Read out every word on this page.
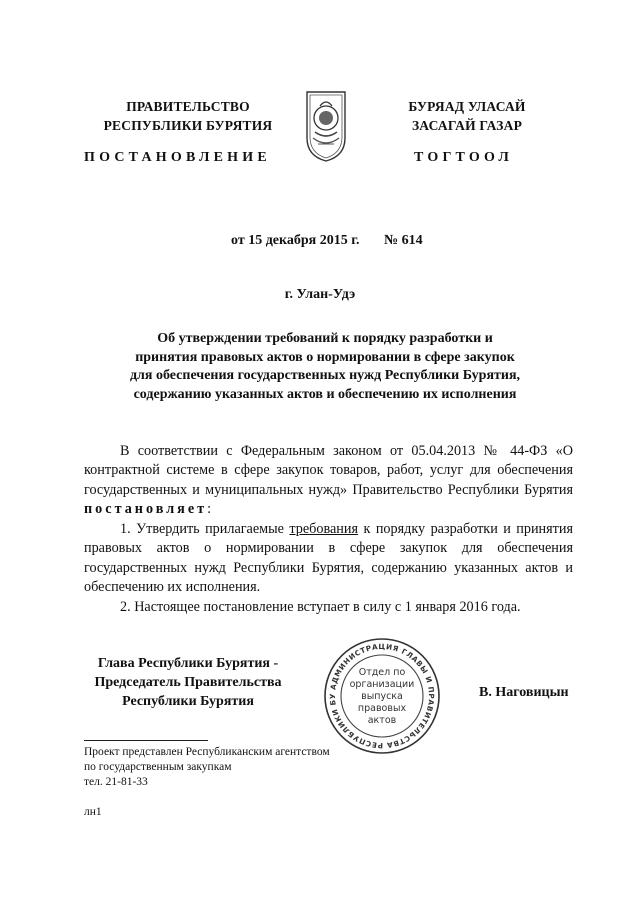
ПРАВИТЕЛЬСТВО
РЕСПУБЛИКИ БУРЯТИЯ
ПОСТАНОВЛЕНИЕ
БУРЯАД УЛАСАЙ
ЗАСАГАЙ ГАЗАР
ТОГТООЛ
от 15 декабря 2015 г. № 614
г. Улан-Удэ
Об утверждении требований к порядку разработки и
принятия правовых актов о нормировании в сфере закупок
для обеспечения государственных нужд Республики Бурятия,
содержанию указанных актов и обеспечению их исполнения
В соответствии с Федеральным законом от 05.04.2013 № 44-ФЗ «О контрактной системе в сфере закупок товаров, работ, услуг для обеспечения государственных и муниципальных нужд» Правительство Республики Бурятия постановляет:
1. Утвердить прилагаемые требования к порядку разработки и принятия правовых актов о нормировании в сфере закупок для обеспечения государственных нужд Республики Бурятия, содержанию указанных актов и обеспечению их исполнения.
2. Настоящее постановление вступает в силу с 1 января 2016 года.
Глава Республики Бурятия -
Председатель Правительства
Республики Бурятия
В. Наговицын
АДМИНИСТРАЦИЯ ГЛАВЫ И ПРАВИТЕЛЬСТВА РЕСПУБЛИКИ БУ
Отдел по
организации
выпуска
правовых
актов
Проект представлен Республиканским агентством
по государственным закупкам
тел. 21-81-33
лн1
